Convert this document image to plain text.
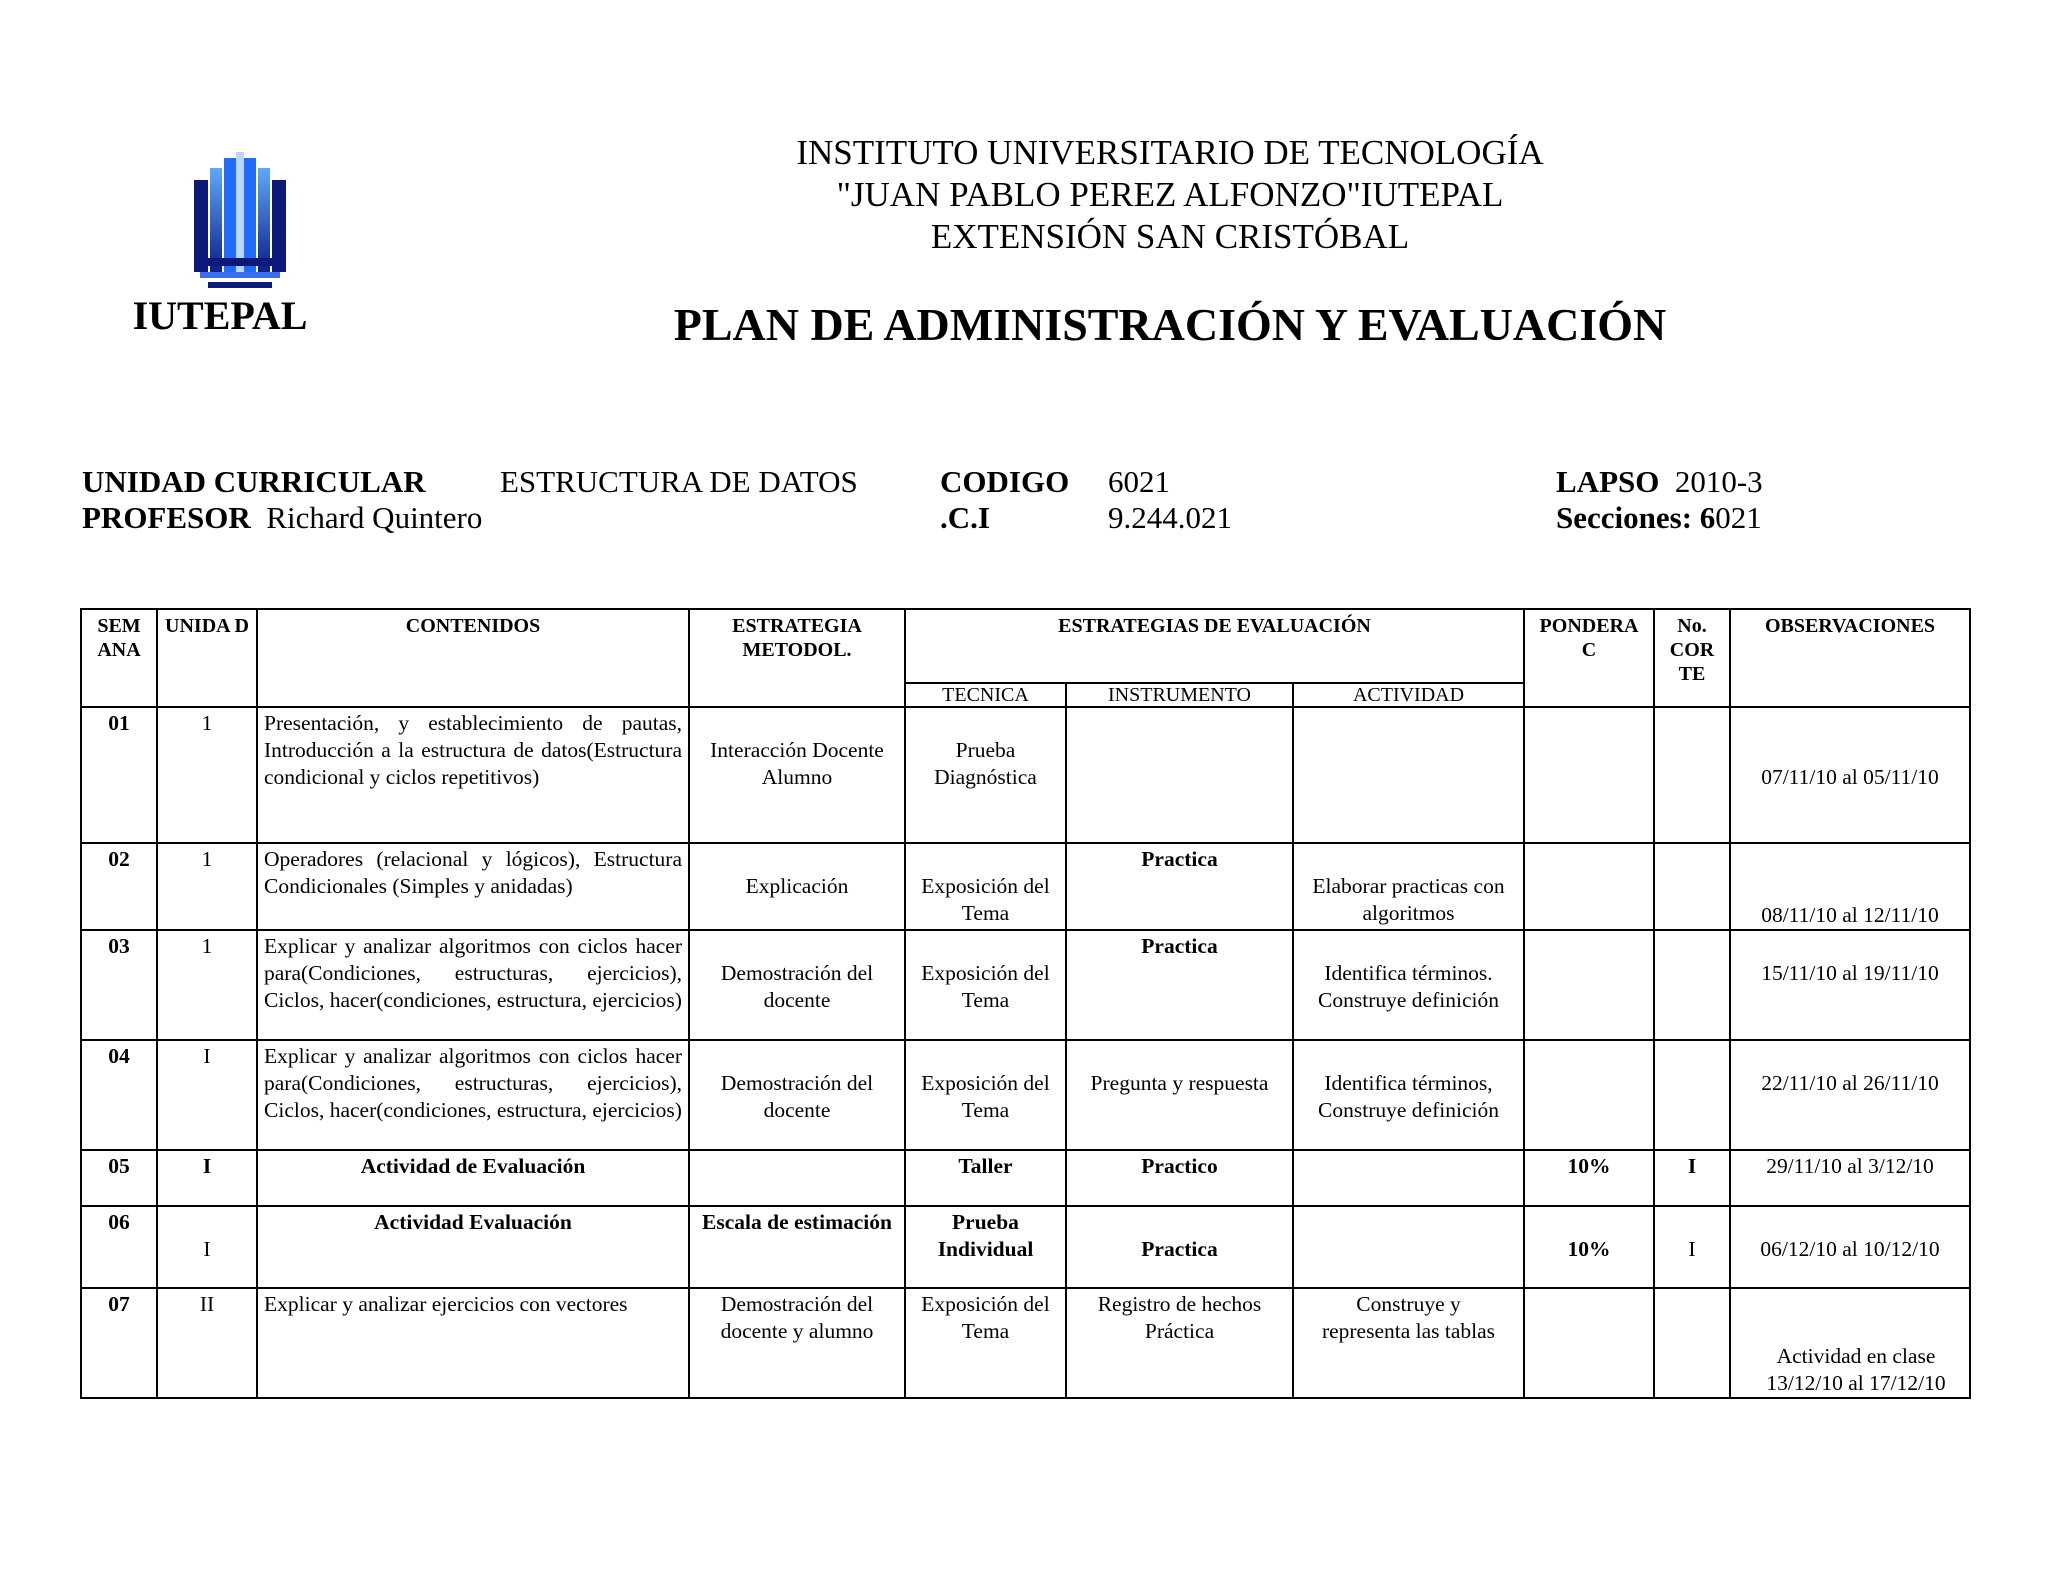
IUTEPAL
INSTITUTO UNIVERSITARIO DE TECNOLOGÍA
"JUAN PABLO PEREZ ALFONZO"IUTEPAL
EXTENSIÓN SAN CRISTÓBAL
PLAN DE ADMINISTRACIÓN Y EVALUACIÓN
UNIDAD CURRICULAR ESTRUCTURA DE DATOS	CODIGO 6021	LAPSO 2010-3
PROFESOR Richard Quintero	.C.I	9.244.021	Secciones: 6021
SEM ANA	UNIDA D	CONTENIDOS	ESTRATEGIA METODOL.	ESTRATEGIAS DE EVALUACIÓN			PONDERA C	No. COR TE	OBSERVACIONES
				TECNICA	INSTRUMENTO	ACTIVIDAD			
01	1	Presentación, y establecimiento de pautas, Introducción a la estructura de datos(Estructura condicional y ciclos repetitivos)	Interacción Docente Alumno	Prueba Diagnóstica					07/11/10 al 05/11/10
02	1	Operadores (relacional y lógicos), Estructura Condicionales (Simples y anidadas)	Explicación	Exposición del Tema	Practica	Elaborar practicas con algoritmos			08/11/10 al 12/11/10
03	1	Explicar y analizar algoritmos con ciclos hacer para(Condiciones, estructuras, ejercicios), Ciclos, hacer(condiciones, estructura, ejercicios)	Demostración del docente	Exposición del Tema	Practica	Identifica términos. Construye definición			15/11/10 al 19/11/10
04	I	Explicar y analizar algoritmos con ciclos hacer para(Condiciones, estructuras, ejercicios), Ciclos, hacer(condiciones, estructura, ejercicios)	Demostración del docente	Exposición del Tema	Pregunta y respuesta	Identifica términos, Construye definición			22/11/10 al 26/11/10
05	I	Actividad de Evaluación		Taller	Practico		10%	I	29/11/10 al 3/12/10
06	I	Actividad Evaluación	Escala de estimación	Prueba Individual	Practica		10%	I	06/12/10 al 10/12/10
07	II	Explicar y analizar ejercicios con vectores	Demostración del docente y alumno	Exposición del Tema	Registro de hechos Práctica	Construye y representa las tablas			Actividad en clase 13/12/10 al 17/12/10
